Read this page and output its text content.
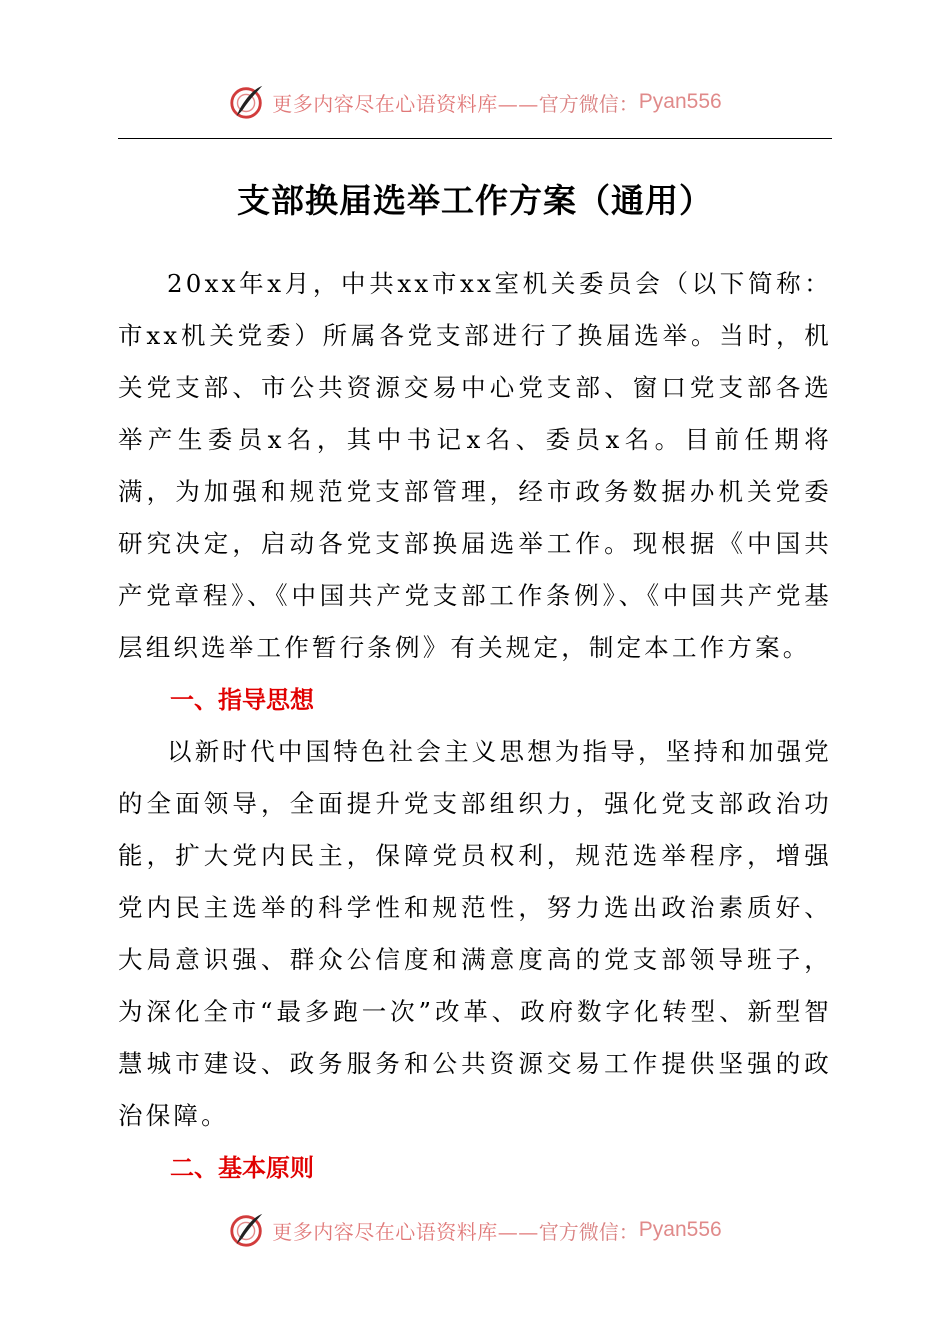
更多内容尽在心语资料库—— 官方微信： Pyan556
支部换届选举工作方案（通用）

20xx年x月，中共xx市xx室机关委员会（以下简称：市xx机关党委）所属各党支部进行了换届选举。当时，机关党支部、市公共资源交易中心党支部、窗口党支部各选举产生委员x名，其中书记x名、委员x名。目前任期将满，为加强和规范党支部管理，经市政务数据办机关党委研究决定，启动各党支部换届选举工作。现根据《中国共产党章程》、《中国共产党支部工作条例》、《中国共产党基层组织选举工作暂行条例》有关规定，制定本工作方案。

一、指导思想

以新时代中国特色社会主义思想为指导，坚持和加强党的全面领导，全面提升党支部组织力，强化党支部政治功能，扩大党内民主，保障党员权利，规范选举程序，增强党内民主选举的科学性和规范性，努力选出政治素质好、大局意识强、群众公信度和满意度高的党支部领导班子，为深化全市“最多跑一次”改革、政府数字化转型、新型智慧城市建设、政务服务和公共资源交易工作提供坚强的政治保障。

二、基本原则

更多内容尽在心语资料库—— 官方微信： Pyan556
